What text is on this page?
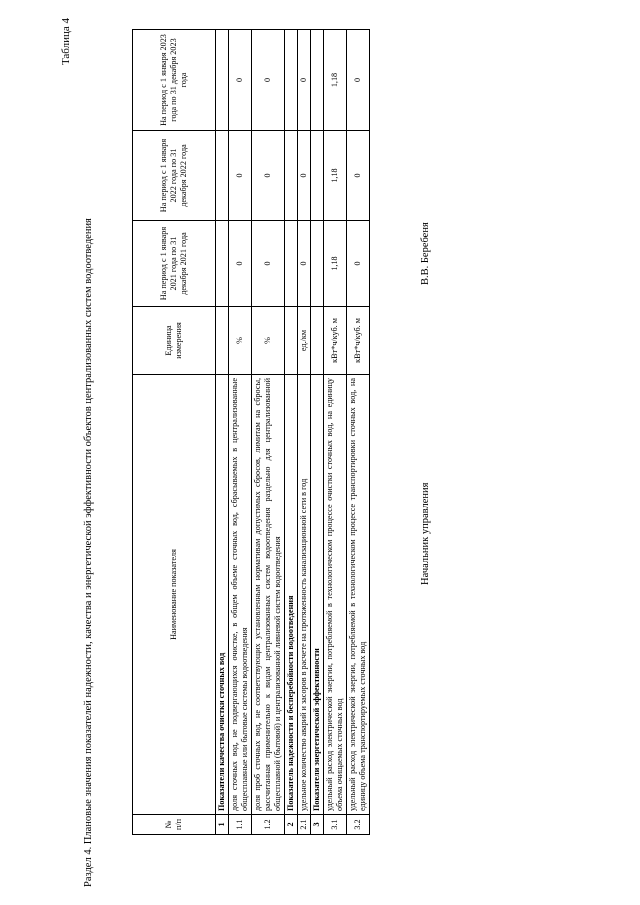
Таблица 4
Раздел 4. Плановые значения показателей надежности, качества и энергетической эффективности объектов централизованных систем водоотведения	№ п/п	Наименование показателя	Единица измерения	На период с 1 января 2021 года по 31 декабря 2021 года	На период с 1 января 2022 года по 31 декабря 2022 года	На период с 1 января 2023 года по 31 декабря 2023 года
1	Показатели качества очистки сточных вод				
1.1	доля сточных вод, не подвергающихся очистке, в общем объеме сточных вод, сбрасываемых в централизованные общесплавные или бытовые системы водоотведения	%	0	0	0
1.2	доля проб сточных вод, не соответствующих установленным нормативам допустимых сбросов, лимитам на сбросы, рассчитанная применительно к видам централизованных систем водоотведения раздельно для централизованной общесплавной (бытовой) и централизованной ливневой систем водоотведения	%	0	0	0
2	Показатель надежности и бесперебойности водоотведения				
2.1	удельное количество аварий и засоров в расчете на протяженность канализационной сети в год	ед./км	0	0	0
3	Показатели энергетической эффективности				
3.1	удельный расход электрической энергии, потребляемой в технологическом процессе очистки сточных вод, на единицу объема очищаемых сточных вод	кВт*ч/куб. м	1,18	1,18	1,18
3.2	удельный расход электрической энергии, потребляемой в технологическом процессе транспортировки сточных вод, на единицу объема транспортируемых сточных вод	кВт*ч/куб. м	0	0	0
Начальник управления
В.В. Беребеня
